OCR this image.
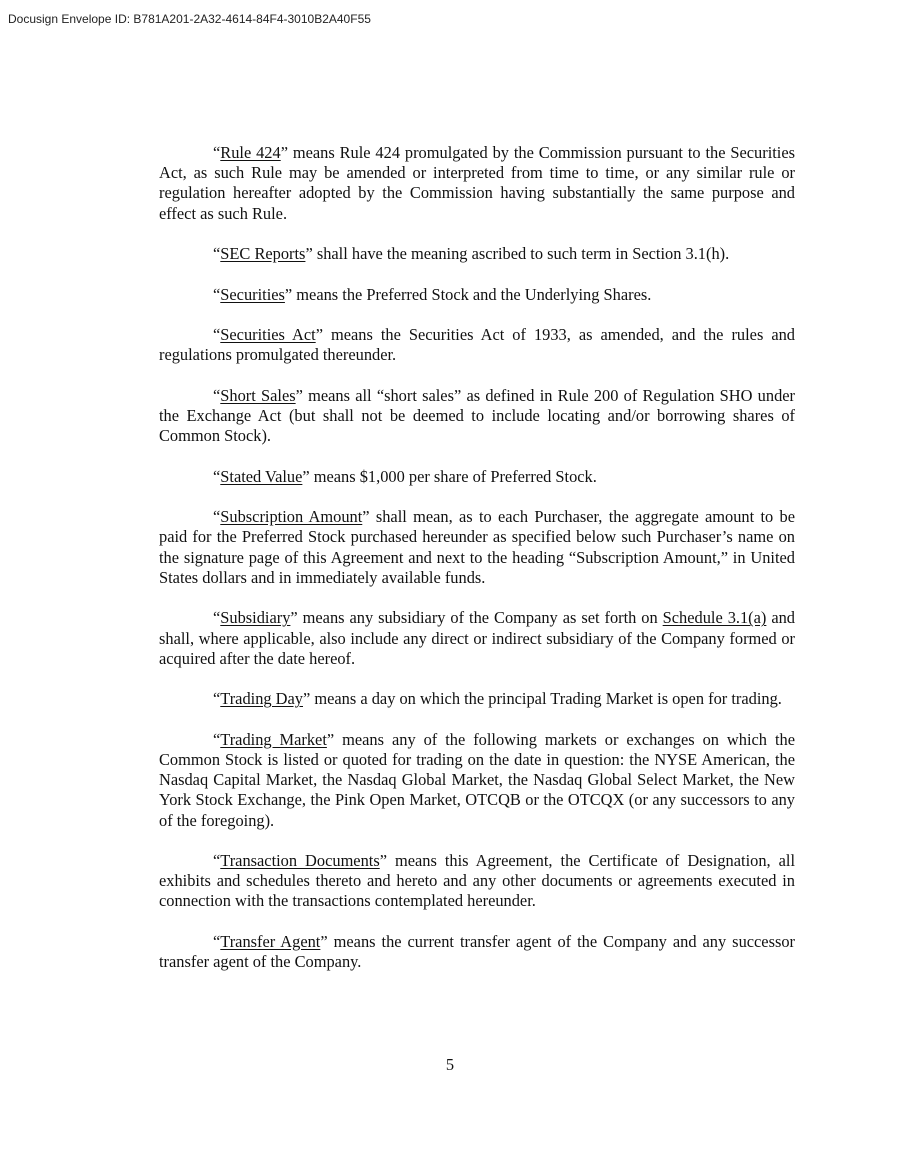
Docusign Envelope ID: B781A201-2A32-4614-84F4-3010B2A40F55

“Rule 424” means Rule 424 promulgated by the Commission pursuant to the Securities Act, as such Rule may be amended or interpreted from time to time, or any similar rule or regulation hereafter adopted by the Commission having substantially the same purpose and effect as such Rule.

“SEC Reports” shall have the meaning ascribed to such term in Section 3.1(h).

“Securities” means the Preferred Stock and the Underlying Shares.

“Securities Act” means the Securities Act of 1933, as amended, and the rules and regulations promulgated thereunder.

“Short Sales” means all “short sales” as defined in Rule 200 of Regulation SHO under the Exchange Act (but shall not be deemed to include locating and/or borrowing shares of Common Stock).

“Stated Value” means $1,000 per share of Preferred Stock.

“Subscription Amount” shall mean, as to each Purchaser, the aggregate amount to be paid for the Preferred Stock purchased hereunder as specified below such Purchaser’s name on the signature page of this Agreement and next to the heading “Subscription Amount,” in United States dollars and in immediately available funds.

“Subsidiary” means any subsidiary of the Company as set forth on Schedule 3.1(a) and shall, where applicable, also include any direct or indirect subsidiary of the Company formed or acquired after the date hereof.

“Trading Day” means a day on which the principal Trading Market is open for trading.

“Trading Market” means any of the following markets or exchanges on which the Common Stock is listed or quoted for trading on the date in question: the NYSE American, the Nasdaq Capital Market, the Nasdaq Global Market, the Nasdaq Global Select Market, the New York Stock Exchange, the Pink Open Market, OTCQB or the OTCQX (or any successors to any of the foregoing).

“Transaction Documents” means this Agreement, the Certificate of Designation, all exhibits and schedules thereto and hereto and any other documents or agreements executed in connection with the transactions contemplated hereunder.

“Transfer Agent” means the current transfer agent of the Company and any successor transfer agent of the Company.

5
